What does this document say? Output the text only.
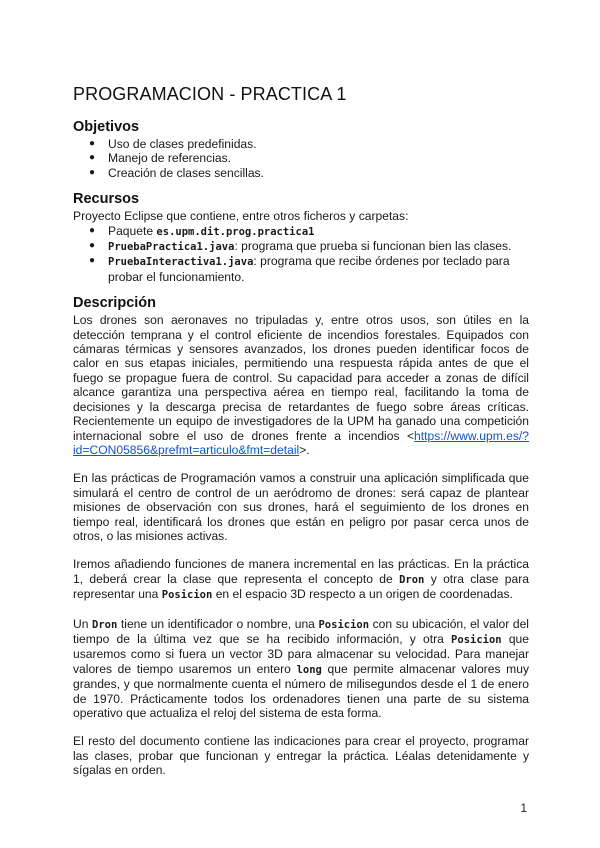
PROGRAMACION - PRACTICA 1
Objetivos
● Uso de clases predefinidas.
● Manejo de referencias.
● Creación de clases sencillas.
Recursos

Proyecto Eclipse que contiene, entre otros ficheros y carpetas:

● Paquete es.upm.dit.prog.practica1
● PruebaPractica1.java: programa que prueba si funcionan bien las clases.
● PruebaInteractiva1.java: programa que recibe órdenes por teclado para probar el funcionamiento.
Descripción

Los drones son aeronaves no tripuladas y, entre otros usos, son útiles en la detección temprana y el control eficiente de incendios forestales. Equipados con cámaras térmicas y sensores avanzados, los drones pueden identificar focos de calor en sus etapas iniciales, permitiendo una respuesta rápida antes de que el fuego se propague fuera de control. Su capacidad para acceder a zonas de difícil alcance garantiza una perspectiva aérea en tiempo real, facilitando la toma de decisiones y la descarga precisa de retardantes de fuego sobre áreas críticas. Recientemente un equipo de investigadores de la UPM ha ganado una competición internacional sobre el uso de drones frente a incendios <https://www.upm.es/?id=CON05856&prefmt=articulo&fmt=detail>.

En las prácticas de Programación vamos a construir una aplicación simplificada que simulará el centro de control de un aeródromo de drones: será capaz de plantear misiones de observación con sus drones, hará el seguimiento de los drones en tiempo real, identificará los drones que están en peligro por pasar cerca unos de otros, o las misiones activas.

Iremos añadiendo funciones de manera incremental en las prácticas. En la práctica 1, deberá crear la clase que representa el concepto de Dron y otra clase para representar una Posicion en el espacio 3D respecto a un origen de coordenadas.

Un Dron tiene un identificador o nombre, una Posicion con su ubicación, el valor del tiempo de la última vez que se ha recibido información, y otra Posicion que usaremos como si fuera un vector 3D para almacenar su velocidad. Para manejar valores de tiempo usaremos un entero long que permite almacenar valores muy grandes, y que normalmente cuenta el número de milisegundos desde el 1 de enero de 1970. Prácticamente todos los ordenadores tienen una parte de su sistema operativo que actualiza el reloj del sistema de esta forma.

El resto del documento contiene las indicaciones para crear el proyecto, programar las clases, probar que funcionan y entregar la práctica. Léalas detenidamente y sígalas en orden.

1
